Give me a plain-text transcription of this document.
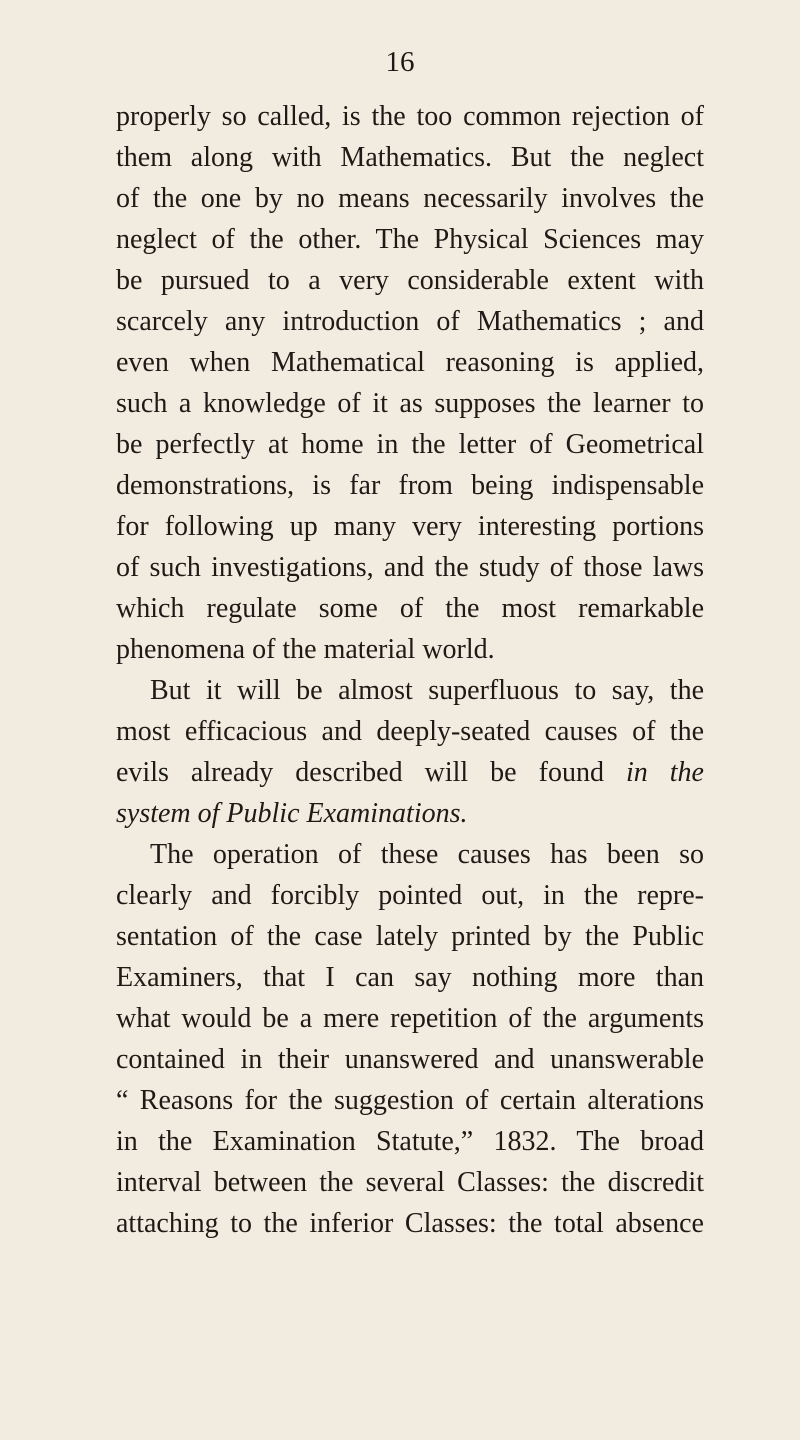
16
properly so called, is the too common rejection of
them along with Mathematics. But the neglect
of the one by no means necessarily involves the
neglect of the other. The Physical Sciences may
be pursued to a very considerable extent with
scarcely any introduction of Mathematics ; and
even when Mathematical reasoning is applied,
such a knowledge of it as supposes the learner to
be perfectly at home in the letter of Geometrical
demonstrations, is far from being indispensable
for following up many very interesting portions
of such investigations, and the study of those laws
which regulate some of the most remarkable
phenomena of the material world.
But it will be almost superfluous to say, the
most efficacious and deeply-seated causes of the
evils already described will be found in the
system of Public Examinations.
The operation of these causes has been so
clearly and forcibly pointed out, in the repre-
sentation of the case lately printed by the Public
Examiners, that I can say nothing more than
what would be a mere repetition of the arguments
contained in their unanswered and unanswerable
“ Reasons for the suggestion of certain alterations
in the Examination Statute,” 1832. The broad
interval between the several Classes: the discredit
attaching to the inferior Classes: the total absence
